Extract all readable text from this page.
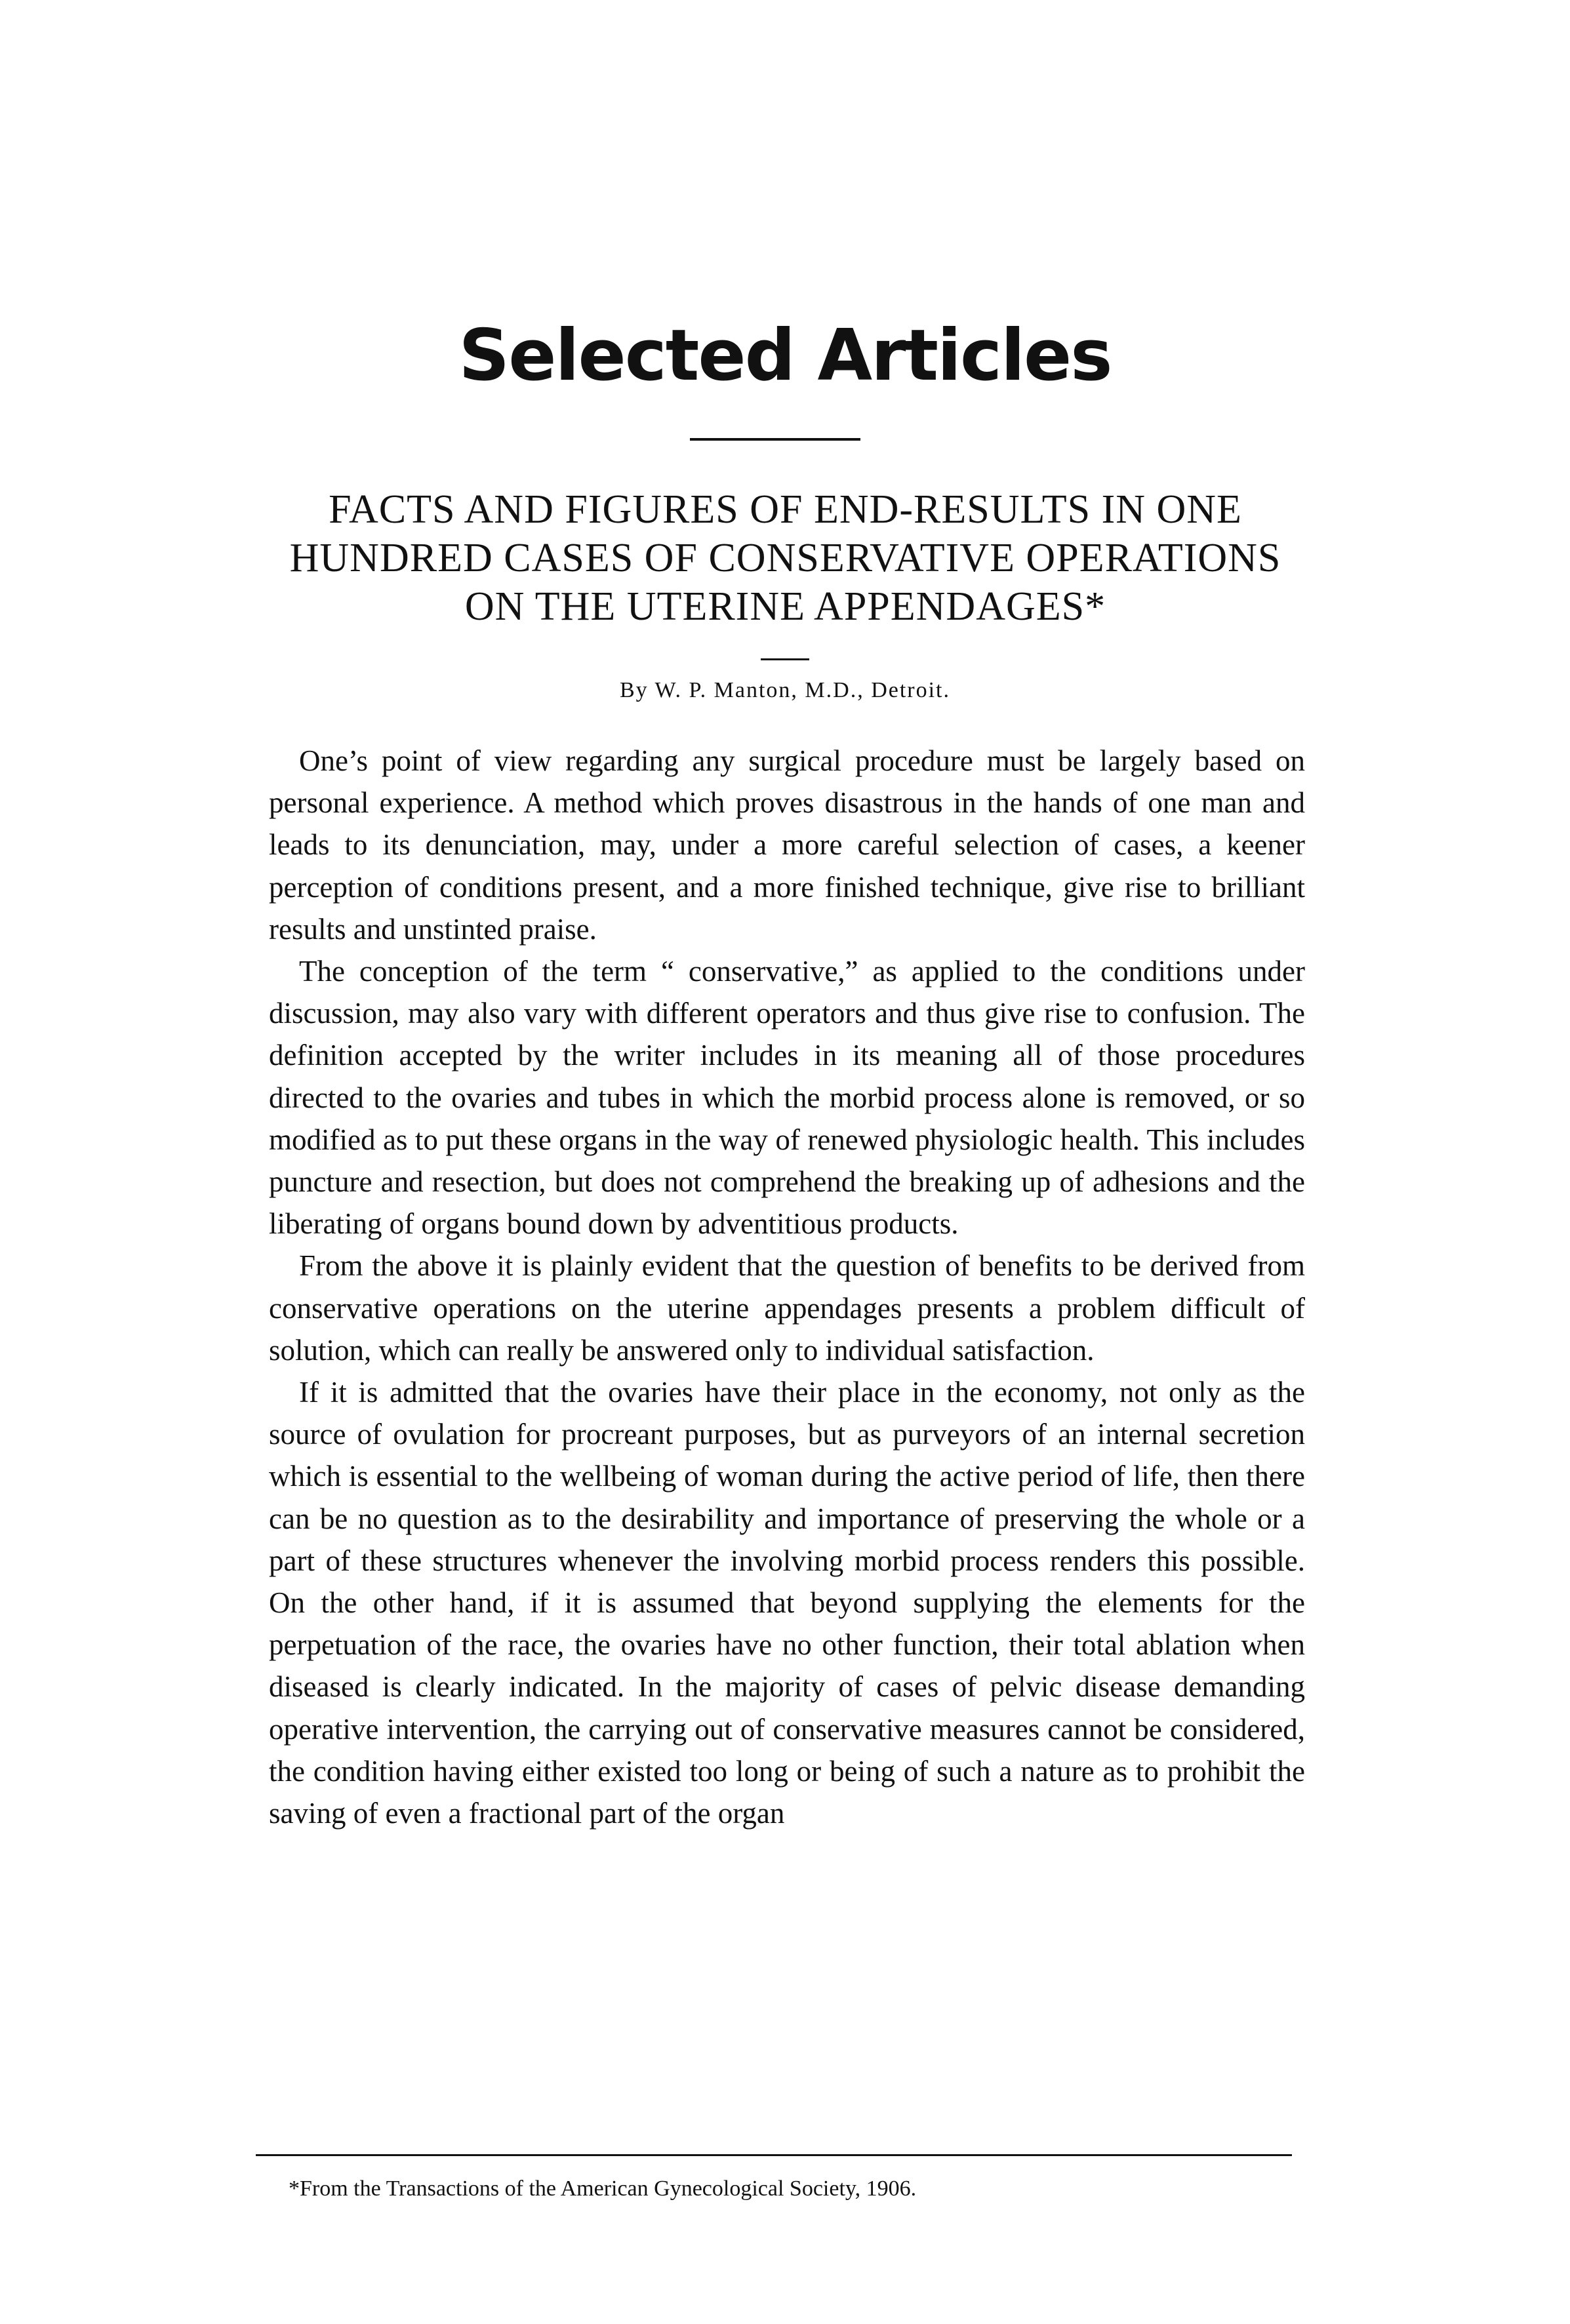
Selected Articles
FACTS AND FIGURES OF END-RESULTS IN ONE HUNDRED CASES OF CONSERVATIVE OPERATIONS ON THE UTERINE APPENDAGES*

By W. P. Manton, M.D., Detroit.

One’s point of view regarding any surgical procedure must be largely based on personal experience. A method which proves disastrous in the hands of one man and leads to its denunciation, may, under a more careful selection of cases, a keener perception of conditions present, and a more finished technique, give rise to brilliant results and unstinted praise.

The conception of the term “ conservative,” as applied to the conditions under discussion, may also vary with different operators and thus give rise to confusion. The definition accepted by the writer includes in its meaning all of those procedures directed to the ovaries and tubes in which the morbid process alone is removed, or so modified as to put these organs in the way of renewed physiologic health. This includes puncture and resection, but does not comprehend the breaking up of adhesions and the liberating of organs bound down by adventitious products.

From the above it is plainly evident that the question of benefits to be derived from conservative operations on the uterine appendages presents a problem difficult of solution, which can really be answered only to individual satisfaction.

If it is admitted that the ovaries have their place in the economy, not only as the source of ovulation for procreant purposes, but as purveyors of an internal secretion which is essential to the wellbeing of woman during the active period of life, then there can be no question as to the desirability and importance of preserving the whole or a part of these structures whenever the involving morbid process renders this possible. On the other hand, if it is assumed that beyond supplying the elements for the perpetuation of the race, the ovaries have no other function, their total ablation when diseased is clearly indicated. In the majority of cases of pelvic disease demanding operative intervention, the carrying out of conservative measures cannot be considered, the condition having either existed too long or being of such a nature as to prohibit the saving of even a fractional part of the organ

*From the Transactions of the American Gynecological Society, 1906.
